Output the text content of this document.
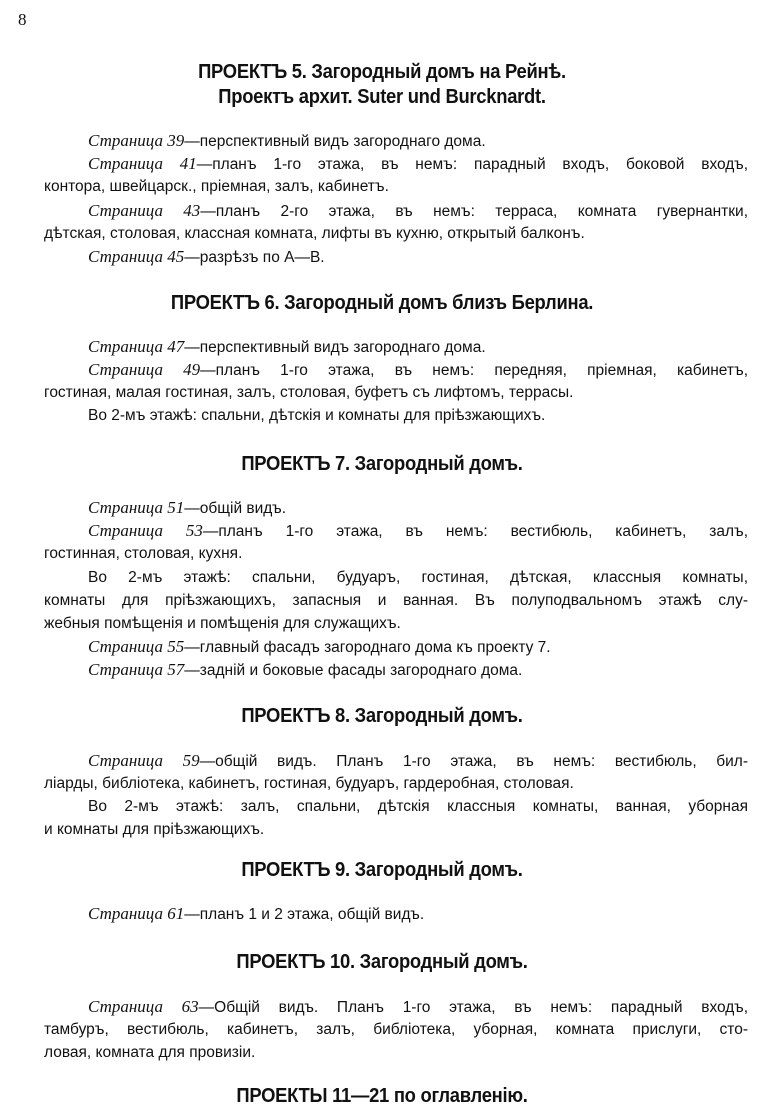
8
ПРОЕКТЪ 5. Загородный домъ на Рейнѣ.
Проектъ архит. Suter und Burcknardt.
Страница 39—перспективный видъ загороднаго дома.
Страница 41—планъ 1-го этажа, въ немъ: парадный входъ, боковой входъ,
контора, швейцарск., пріемная, залъ, кабинетъ.
Страница 43—планъ 2-го этажа, въ немъ: терраса, комната гувернантки,
дѣтская, столовая, классная комната, лифты въ кухню, открытый балконъ.
Страница 45—разрѣзъ по А—В.
ПРОЕКТЪ 6. Загородный домъ близъ Берлина.
Страница 47—перспективный видъ загороднаго дома.
Страница 49—планъ 1-го этажа, въ немъ: передняя, пріемная, кабинетъ,
гостиная, малая гостиная, залъ, столовая, буфетъ съ лифтомъ, террасы.
Во 2-мъ этажѣ: спальни, дѣтскія и комнаты для пріѣзжающихъ.
ПРОЕКТЪ 7. Загородный домъ.
Страница 51—общій видъ.
Страница 53—планъ 1-го этажа, въ немъ: вестибюль, кабинетъ, залъ,
гостинная, столовая, кухня.
Во 2-мъ этажѣ: спальни, будуаръ, гостиная, дѣтская, классныя комнаты,
комнаты для пріѣзжающихъ, запасныя и ванная. Въ полуподвальномъ этажѣ слу-
жебныя помѣщенія и помѣщенія для служащихъ.
Страница 55—главный фасадъ загороднаго дома къ проекту 7.
Страница 57—заднiй и боковые фасады загороднаго дома.
ПРОЕКТЪ 8. Загородный домъ.
Страница 59—общій видъ. Планъ 1-го этажа, въ немъ: вестибюль, бил-
ліарды, библіотека, кабинетъ, гостиная, будуаръ, гардеробная, столовая.
Во 2-мъ этажѣ: залъ, спальни, дѣтскія классныя комнаты, ванная, уборная
и комнаты для пріѣзжающихъ.
ПРОЕКТЪ 9. Загородный домъ.
Страница 61—планъ 1 и 2 этажа, общій видъ.
ПРОЕКТЪ 10. Загородный домъ.
Страница 63—Общій видъ. Планъ 1-го этажа, въ немъ: парадный входъ,
тамбуръ, вестибюль, кабинетъ, залъ, библіотека, уборная, комната прислуги, сто-
ловая, комната для провизіи.
ПРОЕКТЫ 11—21 по оглавленію.
